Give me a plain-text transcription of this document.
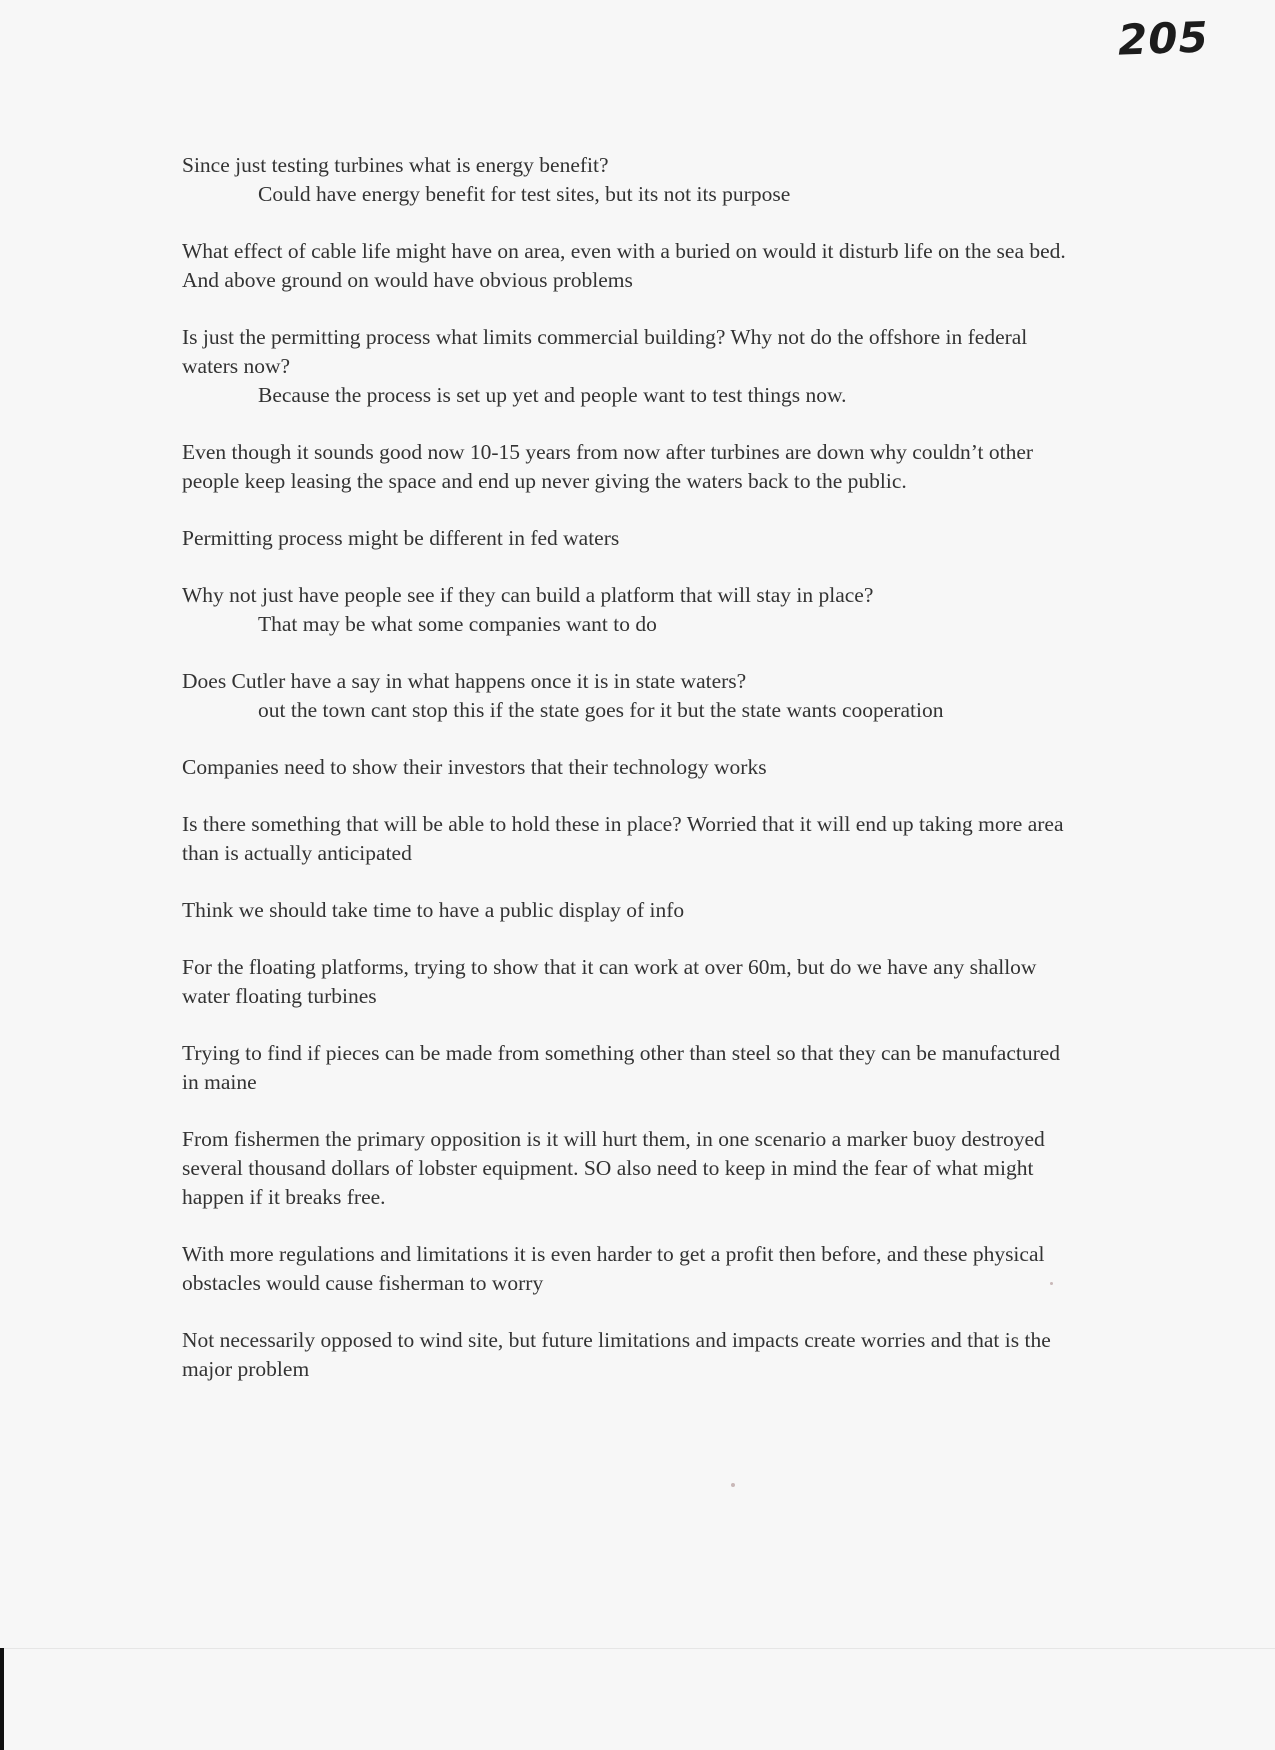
205

Since just testing turbines what is energy benefit?
Could have energy benefit for test sites, but its not its purpose

What effect of cable life might have on area, even with a buried on would it disturb life on the sea bed. And above ground on would have obvious problems

Is just the permitting process what limits commercial building? Why not do the offshore in federal waters now?
Because the process is set up yet and people want to test things now.

Even though it sounds good now 10-15 years from now after turbines are down why couldn’t other people keep leasing the space and end up never giving the waters back to the public.

Permitting process might be different in fed waters

Why not just have people see if they can build a platform that will stay in place?
That may be what some companies want to do

Does Cutler have a say in what happens once it is in state waters?
out the town cant stop this if the state goes for it but the state wants cooperation

Companies need to show their investors that their technology works

Is there something that will be able to hold these in place? Worried that it will end up taking more area than is actually anticipated

Think we should take time to have a public display of info

For the floating platforms, trying to show that it can work at over 60m, but do we have any shallow water floating turbines

Trying to find if pieces can be made from something other than steel so that they can be manufactured in maine

From fishermen the primary opposition is it will hurt them, in one scenario a marker buoy destroyed several thousand dollars of lobster equipment. SO also need to keep in mind the fear of what might happen if it breaks free.

With more regulations and limitations it is even harder to get a profit then before, and these physical obstacles would cause fisherman to worry

Not necessarily opposed to wind site, but future limitations and impacts create worries and that is the major problem
